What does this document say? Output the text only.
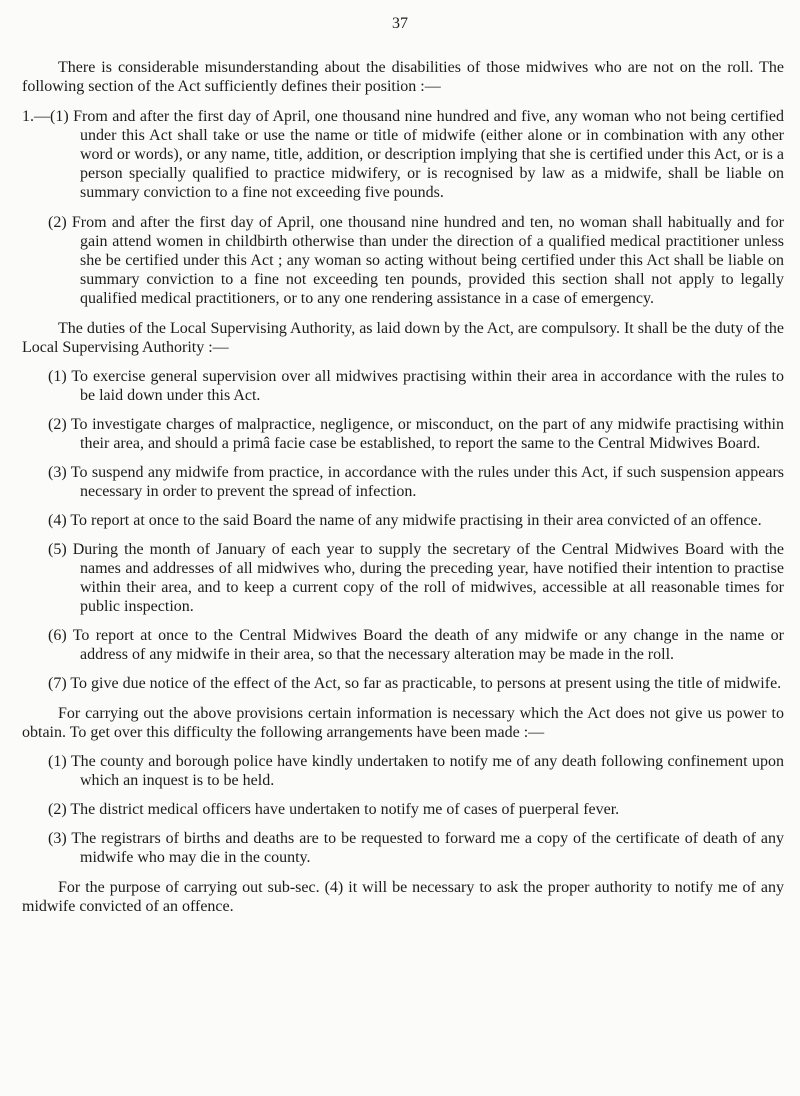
37

There is considerable misunderstanding about the disabilities of those midwives who are not on the roll. The following section of the Act sufficiently defines their position :—

1.—(1) From and after the first day of April, one thousand nine hundred and five, any woman who not being certified under this Act shall take or use the name or title of midwife (either alone or in combination with any other word or words), or any name, title, addition, or description implying that she is certified under this Act, or is a person specially qualified to practice midwifery, or is recognised by law as a midwife, shall be liable on summary conviction to a fine not exceeding five pounds.

(2) From and after the first day of April, one thousand nine hundred and ten, no woman shall habitually and for gain attend women in childbirth otherwise than under the direction of a qualified medical practitioner unless she be certified under this Act ; any woman so acting without being certified under this Act shall be liable on summary conviction to a fine not exceeding ten pounds, provided this section shall not apply to legally qualified medical practitioners, or to any one rendering assistance in a case of emergency.

The duties of the Local Supervising Authority, as laid down by the Act, are compulsory. It shall be the duty of the Local Supervising Authority :—

(1) To exercise general supervision over all midwives practising within their area in accordance with the rules to be laid down under this Act.

(2) To investigate charges of malpractice, negligence, or misconduct, on the part of any midwife practising within their area, and should a primâ facie case be established, to report the same to the Central Midwives Board.

(3) To suspend any midwife from practice, in accordance with the rules under this Act, if such suspension appears necessary in order to prevent the spread of infection.

(4) To report at once to the said Board the name of any midwife practising in their area convicted of an offence.

(5) During the month of January of each year to supply the secretary of the Central Midwives Board with the names and addresses of all midwives who, during the preceding year, have notified their intention to practise within their area, and to keep a current copy of the roll of midwives, accessible at all reasonable times for public inspection.

(6) To report at once to the Central Midwives Board the death of any midwife or any change in the name or address of any midwife in their area, so that the necessary alteration may be made in the roll.

(7) To give due notice of the effect of the Act, so far as practicable, to persons at present using the title of midwife.

For carrying out the above provisions certain information is necessary which the Act does not give us power to obtain. To get over this difficulty the following arrangements have been made :—

(1) The county and borough police have kindly undertaken to notify me of any death following confinement upon which an inquest is to be held.

(2) The district medical officers have undertaken to notify me of cases of puerperal fever.

(3) The registrars of births and deaths are to be requested to forward me a copy of the certificate of death of any midwife who may die in the county.

For the purpose of carrying out sub-sec. (4) it will be necessary to ask the proper authority to notify me of any midwife convicted of an offence.
